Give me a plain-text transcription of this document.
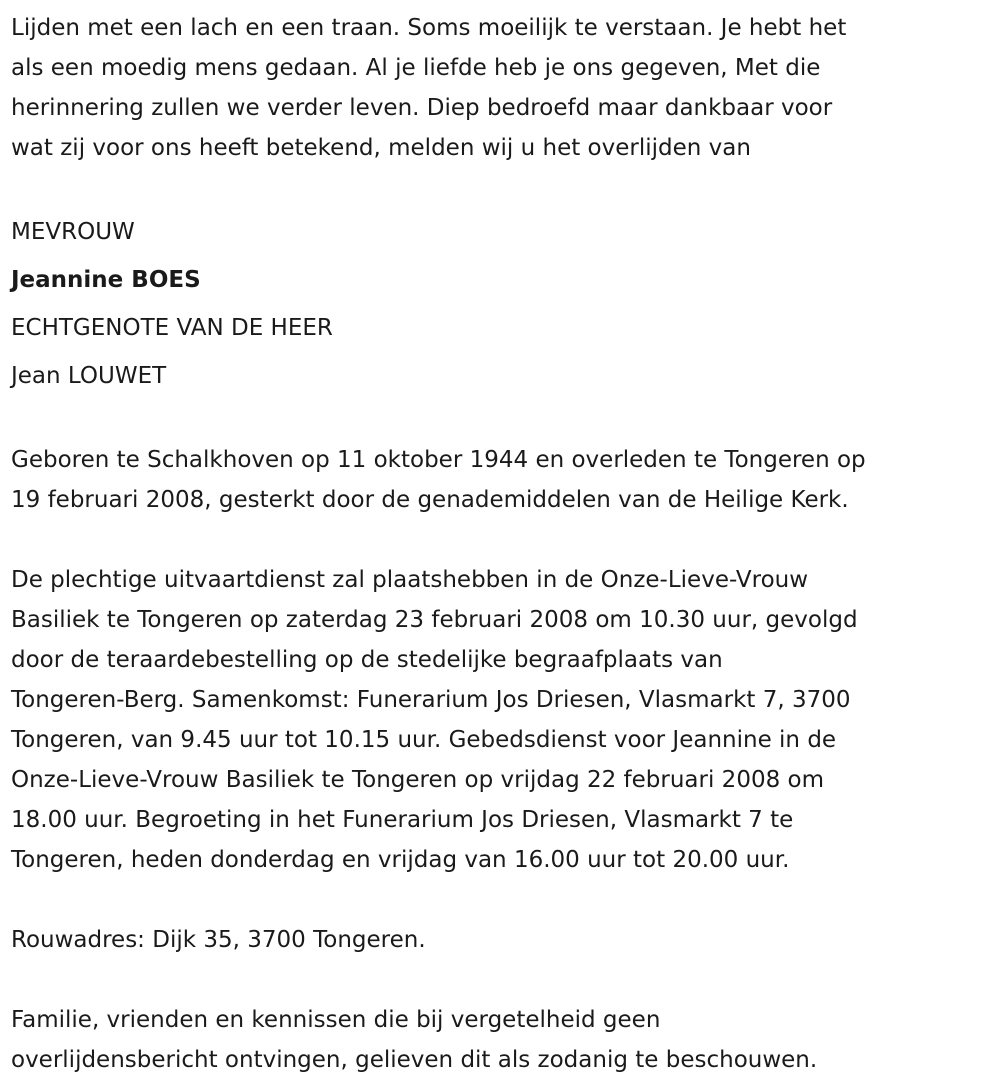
Lijden met een lach en een traan. Soms moeilijk te verstaan. Je hebt het

als een moedig mens gedaan. Al je liefde heb je ons gegeven, Met die

herinnering zullen we verder leven. Diep bedroefd maar dankbaar voor

wat zij voor ons heeft betekend, melden wij u het overlijden van

MEVROUW

Jeannine BOES

ECHTGENOTE VAN DE HEER

Jean LOUWET

Geboren te Schalkhoven op 11 oktober 1944 en overleden te Tongeren op

19 februari 2008, gesterkt door de genademiddelen van de Heilige Kerk.

De plechtige uitvaartdienst zal plaatshebben in de Onze-Lieve-Vrouw

Basiliek te Tongeren op zaterdag 23 februari 2008 om 10.30 uur, gevolgd

door de teraardebestelling op de stedelijke begraafplaats van

Tongeren-Berg. Samenkomst: Funerarium Jos Driesen, Vlasmarkt 7, 3700

Tongeren, van 9.45 uur tot 10.15 uur. Gebedsdienst voor Jeannine in de

Onze-Lieve-Vrouw Basiliek te Tongeren op vrijdag 22 februari 2008 om

18.00 uur. Begroeting in het Funerarium Jos Driesen, Vlasmarkt 7 te

Tongeren, heden donderdag en vrijdag van 16.00 uur tot 20.00 uur.

Rouwadres: Dijk 35, 3700 Tongeren.

Familie, vrienden en kennissen die bij vergetelheid geen

overlijdensbericht ontvingen, gelieven dit als zodanig te beschouwen.
